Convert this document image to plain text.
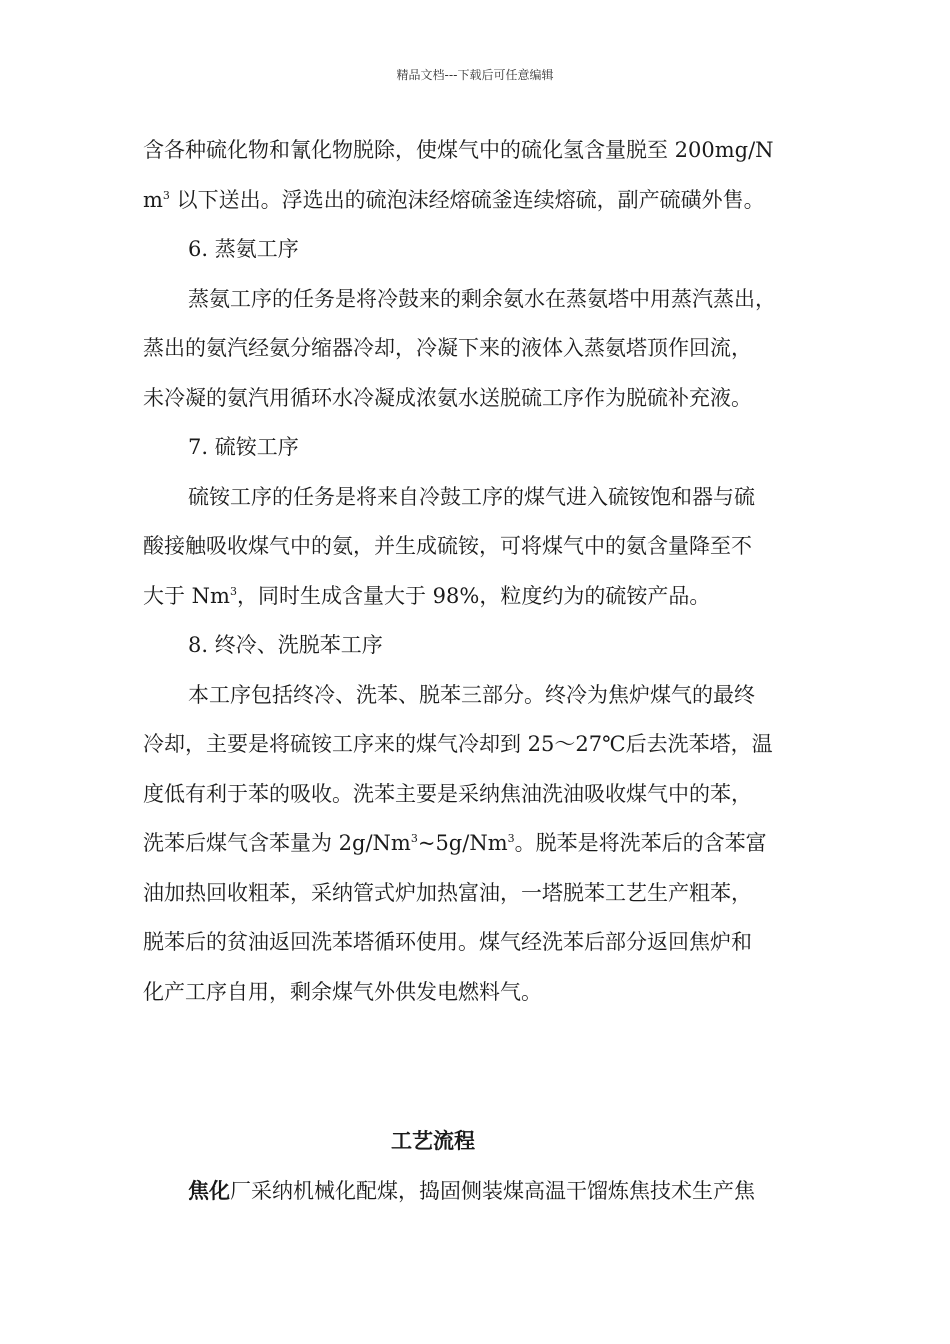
精品文档---下载后可任意编辑
含各种硫化物和氰化物脱除，使煤气中的硫化氢含量脱至 200mg/N
$m^3$ 以下送出。浮选出的硫泡沫经熔硫釜连续熔硫，副产硫磺外售。
6. 蒸氨工序
蒸氨工序的任务是将冷鼓来的剩余氨水在蒸氨塔中用蒸汽蒸出，
蒸出的氨汽经氨分缩器冷却，冷凝下来的液体入蒸氨塔顶作回流，
未冷凝的氨汽用循环水冷凝成浓氨水送脱硫工序作为脱硫补充液。
7. 硫铵工序
硫铵工序的任务是将来自冷鼓工序的煤气进入硫铵饱和器与硫
酸接触吸收煤气中的氨，并生成硫铵，可将煤气中的氨含量降至不
大于 Nm$^3$，同时生成含量大于 98%，粒度约为的硫铵产品。
8. 终冷、洗脱苯工序
本工序包括终冷、洗苯、脱苯三部分。终冷为焦炉煤气的最终
冷却，主要是将硫铵工序来的煤气冷却到 25～27℃后去洗苯塔，温
度低有利于苯的吸收。洗苯主要是采纳焦油洗油吸收煤气中的苯，
洗苯后煤气含苯量为 2g/Nm$^3$~5g/Nm$^3$。脱苯是将洗苯后的含苯富
油加热回收粗苯，采纳管式炉加热富油，一塔脱苯工艺生产粗苯，
脱苯后的贫油返回洗苯塔循环使用。煤气经洗苯后部分返回焦炉和
化产工序自用，剩余煤气外供发电燃料气。
工艺流程
焦化厂采纳机械化配煤，捣固侧装煤高温干馏炼焦技术生产焦
